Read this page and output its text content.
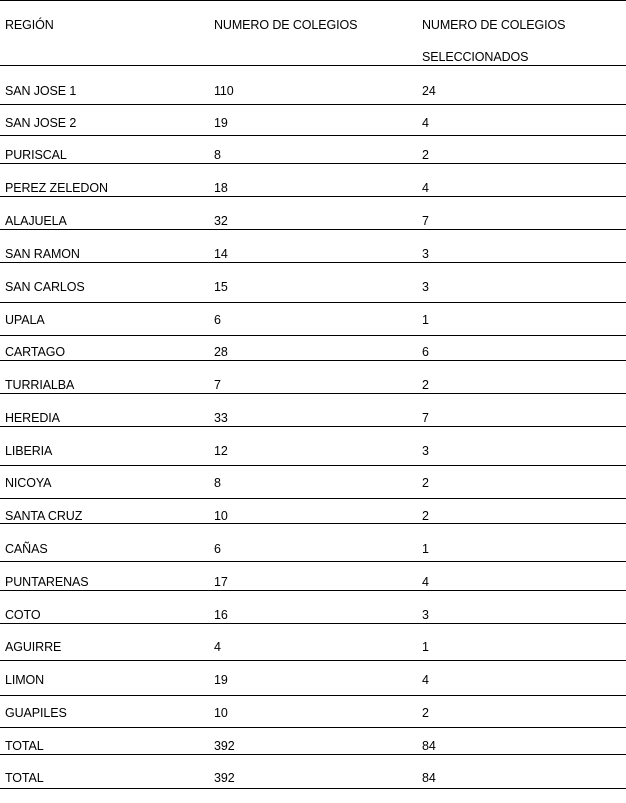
REGIÓN	NUMERO DE COLEGIOS	NUMERO DE COLEGIOS
SELECCIONADOS
SAN JOSE 1	110	24
SAN JOSE 2	19	4
PURISCAL	8	2
PEREZ ZELEDON	18	4
ALAJUELA	32	7
SAN RAMON	14	3
SAN CARLOS	15	3
UPALA	6	1
CARTAGO	28	6
TURRIALBA	7	2
HEREDIA	33	7
LIBERIA	12	3
NICOYA	8	2
SANTA CRUZ	10	2
CAÑAS	6	1
PUNTARENAS	17	4
COTO	16	3
AGUIRRE	4	1
LIMON	19	4
GUAPILES	10	2
TOTAL	392	84
TOTAL	392	84
